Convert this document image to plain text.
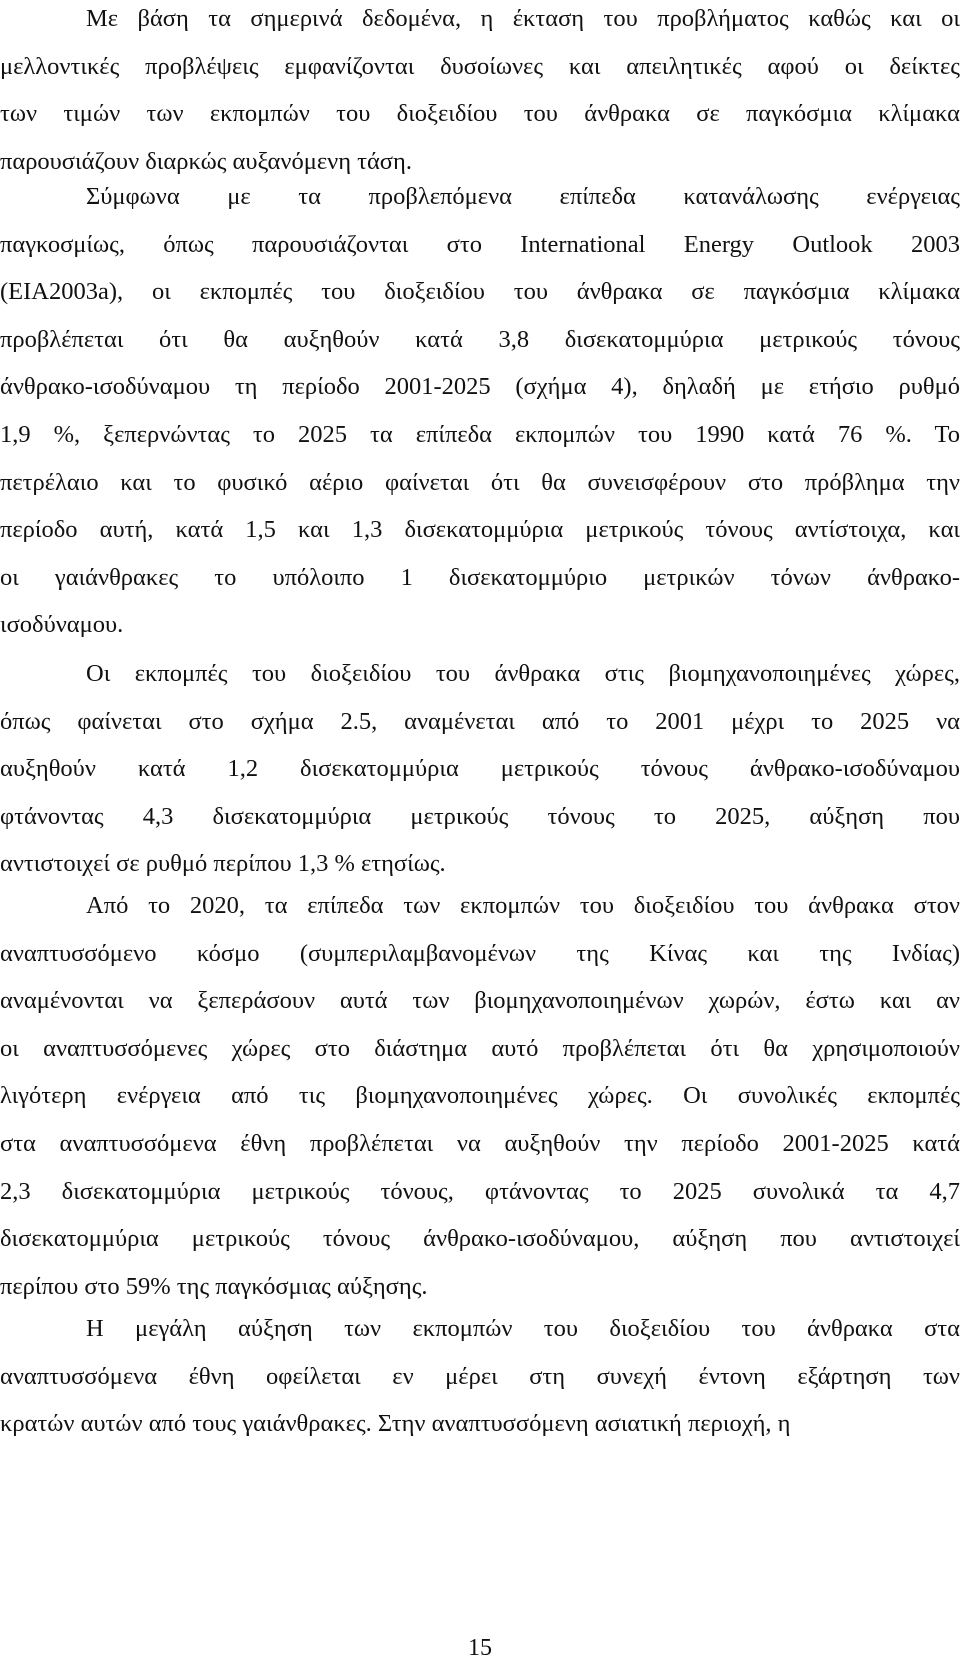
Με βάση τα σημερινά δεδομένα, η έκταση του προβλήματος καθώς και οι
μελλοντικές προβλέψεις εμφανίζονται δυσοίωνες και απειλητικές αφού οι δείκτες
των τιμών των εκπομπών του διοξειδίου του άνθρακα σε παγκόσμια κλίμακα
παρουσιάζουν διαρκώς αυξανόμενη τάση.
Σύμφωνα με τα προβλεπόμενα επίπεδα κατανάλωσης ενέργειας
παγκοσμίως, όπως παρουσιάζονται στο International Energy Outlook 2003
(EIA2003a), οι εκπομπές του διοξειδίου του άνθρακα σε παγκόσμια κλίμακα
προβλέπεται ότι θα αυξηθούν κατά 3,8 δισεκατομμύρια μετρικούς τόνους
άνθρακο-ισοδύναμου τη περίοδο 2001-2025 (σχήμα 4), δηλαδή με ετήσιο ρυθμό
1,9 %, ξεπερνώντας το 2025 τα επίπεδα εκπομπών του 1990 κατά 76 %. Το
πετρέλαιο και το φυσικό αέριο φαίνεται ότι θα συνεισφέρουν στο πρόβλημα την
περίοδο αυτή, κατά 1,5 και 1,3 δισεκατομμύρια μετρικούς τόνους αντίστοιχα, και
οι γαιάνθρακες το υπόλοιπο 1 δισεκατομμύριο μετρικών τόνων άνθρακο-
ισοδύναμου.
Οι εκπομπές του διοξειδίου του άνθρακα στις βιομηχανοποιημένες χώρες,
όπως φαίνεται στο σχήμα 2.5, αναμένεται από το 2001 μέχρι το 2025 να
αυξηθούν κατά 1,2 δισεκατομμύρια μετρικούς τόνους άνθρακο-ισοδύναμου
φτάνοντας 4,3 δισεκατομμύρια μετρικούς τόνους το 2025, αύξηση που
αντιστοιχεί σε ρυθμό περίπου 1,3 % ετησίως.
Από το 2020, τα επίπεδα των εκπομπών του διοξειδίου του άνθρακα στον
αναπτυσσόμενο κόσμο (συμπεριλαμβανομένων της Κίνας και της Ινδίας)
αναμένονται να ξεπεράσουν αυτά των βιομηχανοποιημένων χωρών, έστω και αν
οι αναπτυσσόμενες χώρες στο διάστημα αυτό προβλέπεται ότι θα χρησιμοποιούν
λιγότερη ενέργεια από τις βιομηχανοποιημένες χώρες. Οι συνολικές εκπομπές
στα αναπτυσσόμενα έθνη προβλέπεται να αυξηθούν την περίοδο 2001-2025 κατά
2,3 δισεκατομμύρια μετρικούς τόνους, φτάνοντας το 2025 συνολικά τα 4,7
δισεκατομμύρια μετρικούς τόνους άνθρακο-ισοδύναμου, αύξηση που αντιστοιχεί
περίπου στο 59% της παγκόσμιας αύξησης.
Η μεγάλη αύξηση των εκπομπών του διοξειδίου του άνθρακα στα
αναπτυσσόμενα έθνη οφείλεται εν μέρει στη συνεχή έντονη εξάρτηση των
κρατών αυτών από τους γαιάνθρακες. Στην αναπτυσσόμενη ασιατική περιοχή, η
15
